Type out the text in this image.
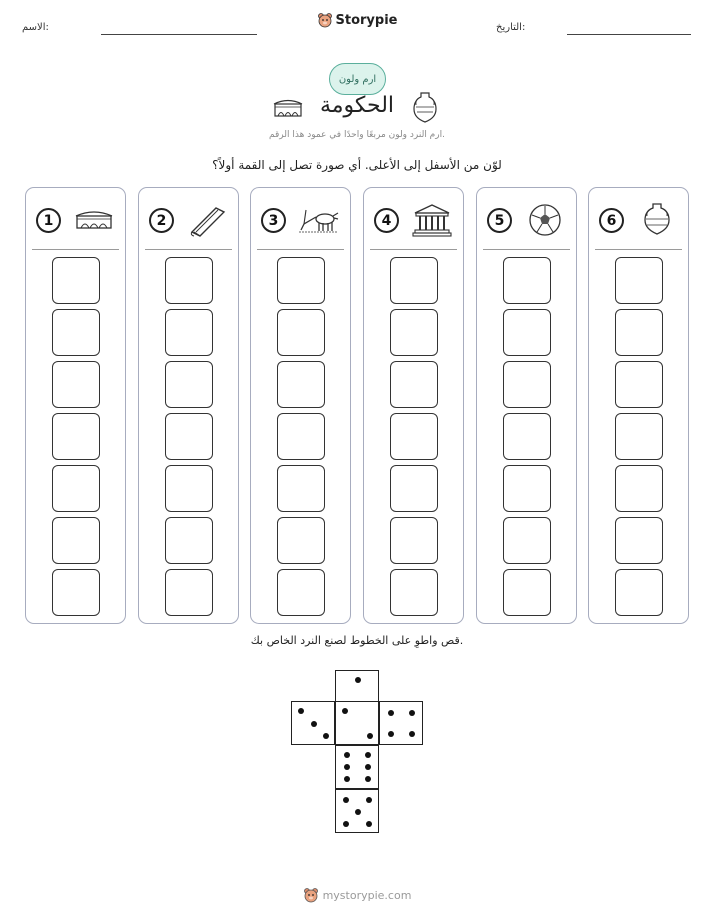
الاسم:	التاريخ:
Storypie
ارم ولون
الحكومة
ارم النرد ولون مربعًا واحدًا في عمود هذا الرقم.
لوّن من الأسفل إلى الأعلى. أي صورة تصل إلى القمة أولاً؟
1	2	3	4	5	6
قص واطوِ على الخطوط لصنع النرد الخاص بك.
mystorypie.com
